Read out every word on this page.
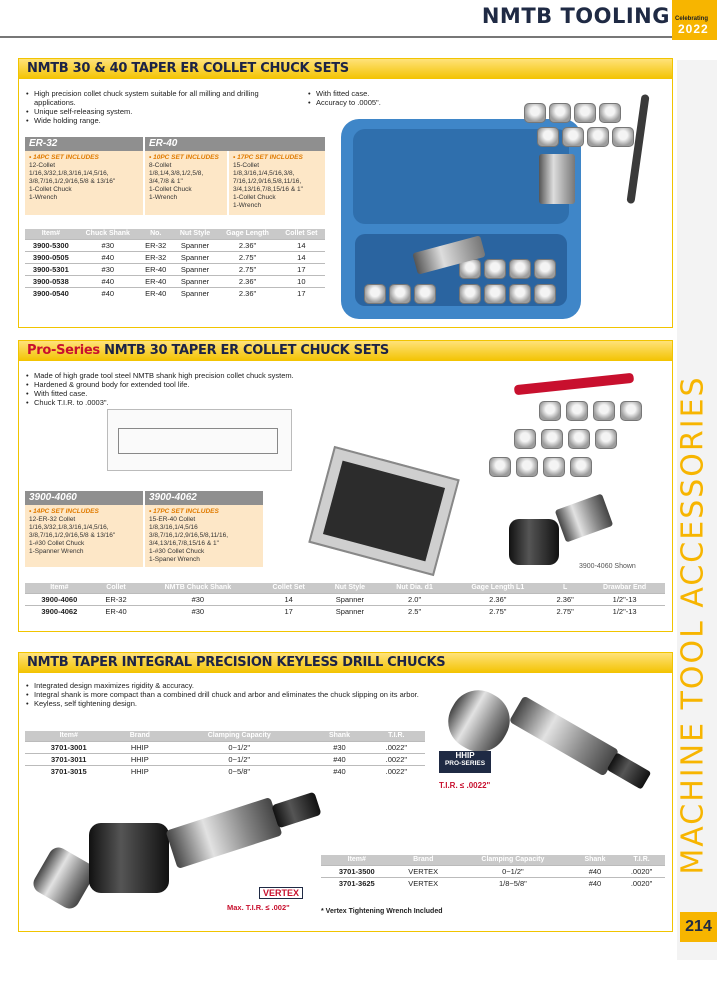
NMTB TOOLING Celebrating
2022
MACHINE TOOL ACCESSORIES
214
NMTB 30 & 40 TAPER ER COLLET CHUCK SETS
• High precision collet chuck system suitable for all milling and drilling applications.
• Unique self-releasing system.
• Wide holding range.
• With fitted case.
• Accuracy to .0005".
ER-32	ER-40
• 14PC SET INCLUDES
12-Collet
1/16,3/32,1/8,3/16,1/4,5/16,
3/8,7/16,1/2,9/16,5/8 & 13/16"
1-Collet Chuck
1-Wrench
• 10PC SET INCLUDES
8-Collet
1/8,1/4,3/8,1/2,5/8,
3/4,7/8 & 1"
1-Collet Chuck
1-Wrench
• 17PC SET INCLUDES
15-Collet
1/8,3/16,1/4,5/16,3/8,
7/16,1/2,9/16,5/8,11/16,
3/4,13/16,7/8,15/16 & 1"
1-Collet Chuck
1-Wrench
Item#	Chuck Shank	No.	Nut Style	Gage Length	Collet Set
3900-5300	#30	ER-32	Spanner	2.36"	14
3900-0505	#40	ER-32	Spanner	2.75"	14
3900-5301	#30	ER-40	Spanner	2.75"	17
3900-0538	#40	ER-40	Spanner	2.36"	10
3900-0540	#40	ER-40	Spanner	2.36"	17
Pro-Series NMTB 30 TAPER ER COLLET CHUCK SETS
• Made of high grade tool steel NMTB shank high precision collet chuck system.
• Hardened & ground body for extended tool life.
• With fitted case.
• Chuck T.I.R. to .0003".
3900-4060 Shown
3900-4060	3900-4062
• 14PC SET INCLUDES
12-ER-32 Collet
1/16,3/32,1/8,3/16,1/4,5/16,
3/8,7/16,1/2,9/16,5/8 & 13/16"
1-#30 Collet Chuck
1-Spanner Wrench
• 17PC SET INCLUDES
15-ER-40 Collet
1/8,3/16,1/4,5/16
3/8,7/16,1/2,9/16,5/8,11/16,
3/4,13/16,7/8,15/16 & 1"
1-#30 Collet Chuck
1-Spaner Wrench
Item#	Collet	NMTB Chuck Shank	Collet Set	Nut Style	Nut Dia. d1	Gage Length L1	L	Drawbar End
3900-4060	ER-32	#30	14	Spanner	2.0"	2.36"	2.36"	1/2"-13
3900-4062	ER-40	#30	17	Spanner	2.5"	2.75"	2.75"	1/2"-13
NMTB TAPER INTEGRAL PRECISION KEYLESS DRILL CHUCKS
• Integrated design maximizes rigidity & accuracy.
• Integral shank is more compact than a combined drill chuck and arbor and eliminates the chuck slipping on its arbor.
• Keyless, self tightening design.
Item#	Brand	Clamping Capacity	Shank	T.I.R.
3701-3001	HHIP	0~1/2"	#30	.0022"
3701-3011	HHIP	0~1/2"	#40	.0022"
3701-3015	HHIP	0~5/8"	#40	.0022"
HHIP
PRO-SERIES
T.I.R. ≤ .0022"
VERTEX
Max. T.I.R. ≤ .002"
Item#	Brand	Clamping Capacity	Shank	T.I.R.
3701-3500	VERTEX	0~1/2"	#40	.0020"
3701-3625	VERTEX	1/8~5/8"	#40	.0020"
* Vertex Tightening Wrench Included
